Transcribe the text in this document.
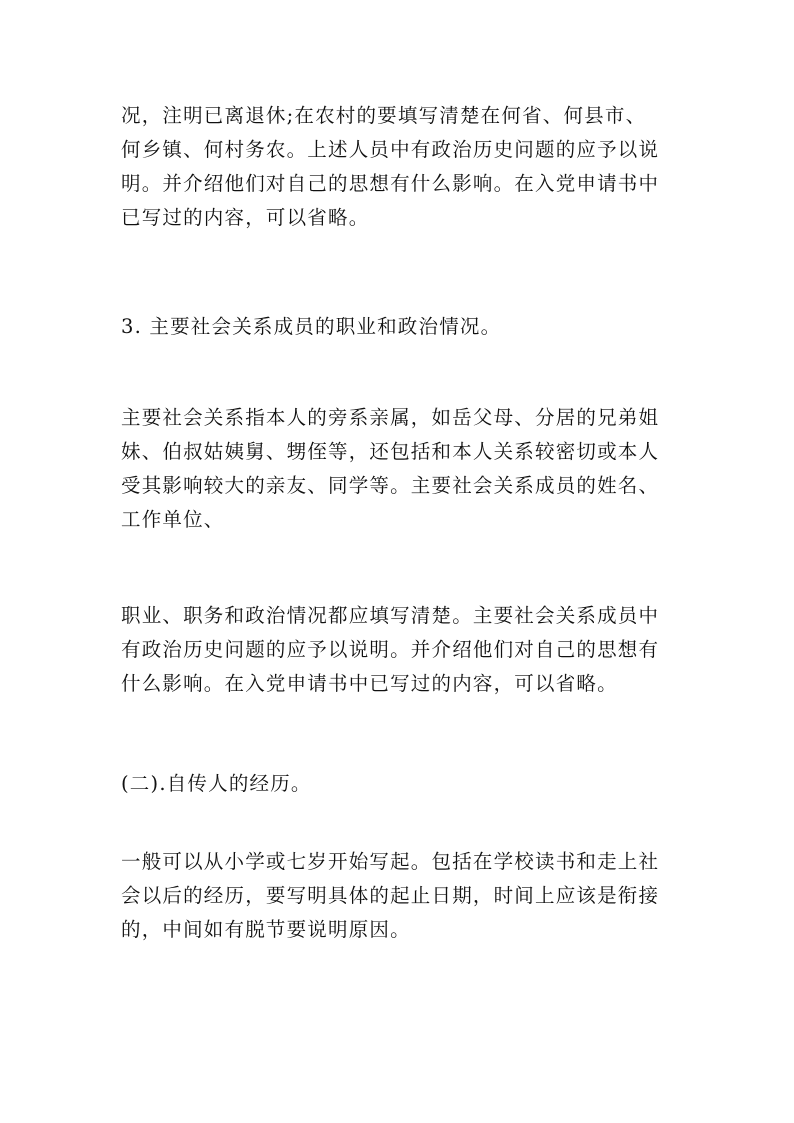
况，注明已离退休;在农村的要填写清楚在何省、何县市、
何乡镇、何村务农。上述人员中有政治历史问题的应予以说
明。并介绍他们对自己的思想有什么影响。在入党申请书中
已写过的内容，可以省略。
3. 主要社会关系成员的职业和政治情况。
主要社会关系指本人的旁系亲属，如岳父母、分居的兄弟姐
妹、伯叔姑姨舅、甥侄等，还包括和本人关系较密切或本人
受其影响较大的亲友、同学等。主要社会关系成员的姓名、
工作单位、
职业、职务和政治情况都应填写清楚。主要社会关系成员中
有政治历史问题的应予以说明。并介绍他们对自己的思想有
什么影响。在入党申请书中已写过的内容，可以省略。
(二).自传人的经历。
一般可以从小学或七岁开始写起。包括在学校读书和走上社
会以后的经历，要写明具体的起止日期，时间上应该是衔接
的，中间如有脱节要说明原因。
